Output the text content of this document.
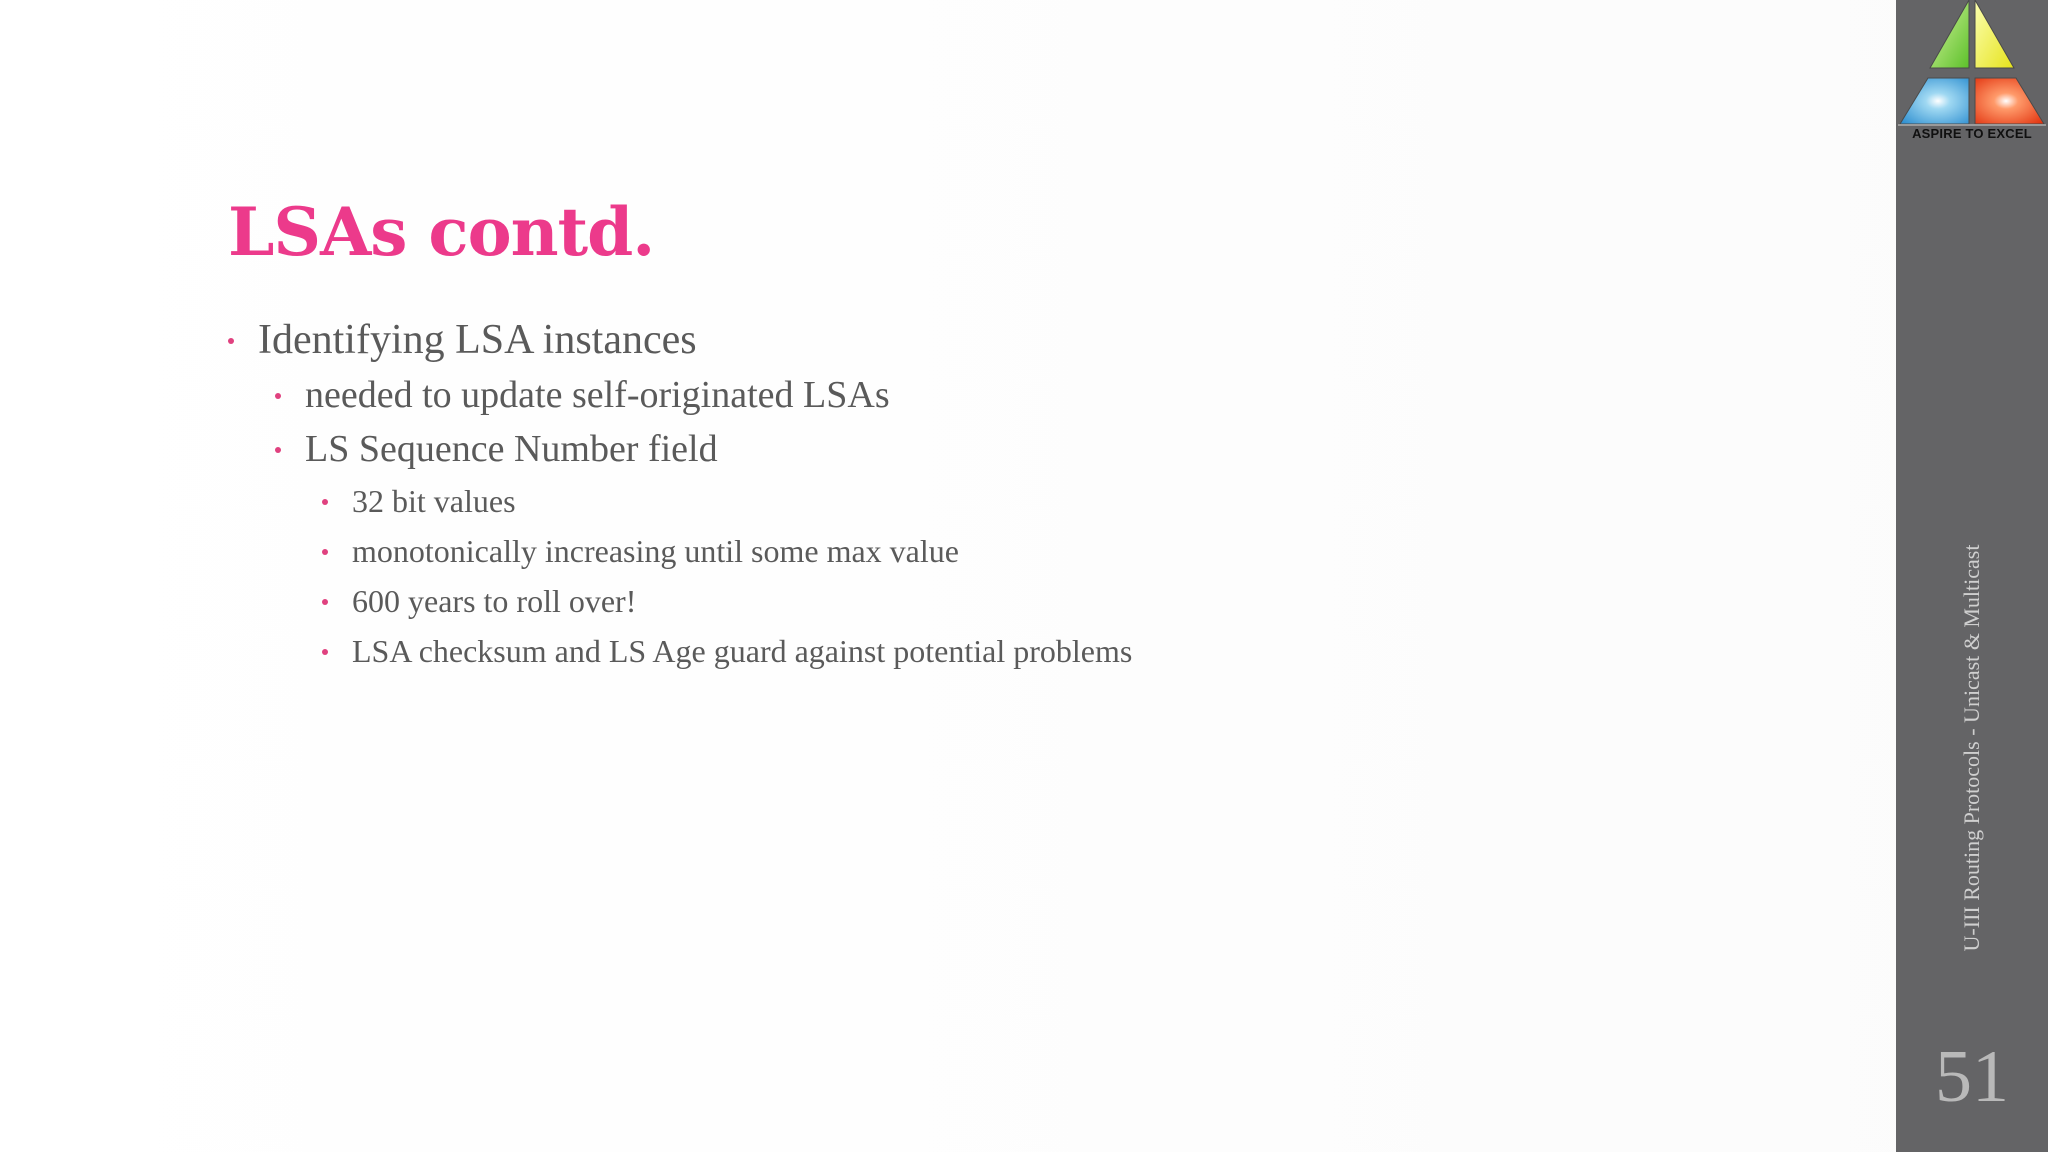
LSAs contd.
Identifying LSA instances
needed to update self-originated LSAs
LS Sequence Number field
32 bit values
monotonically increasing until some max value
600 years to roll over!
LSA checksum and LS Age guard against potential problems
ASPIRE TO EXCEL
U-III Routing Protocols - Unicast & Multicast
51
